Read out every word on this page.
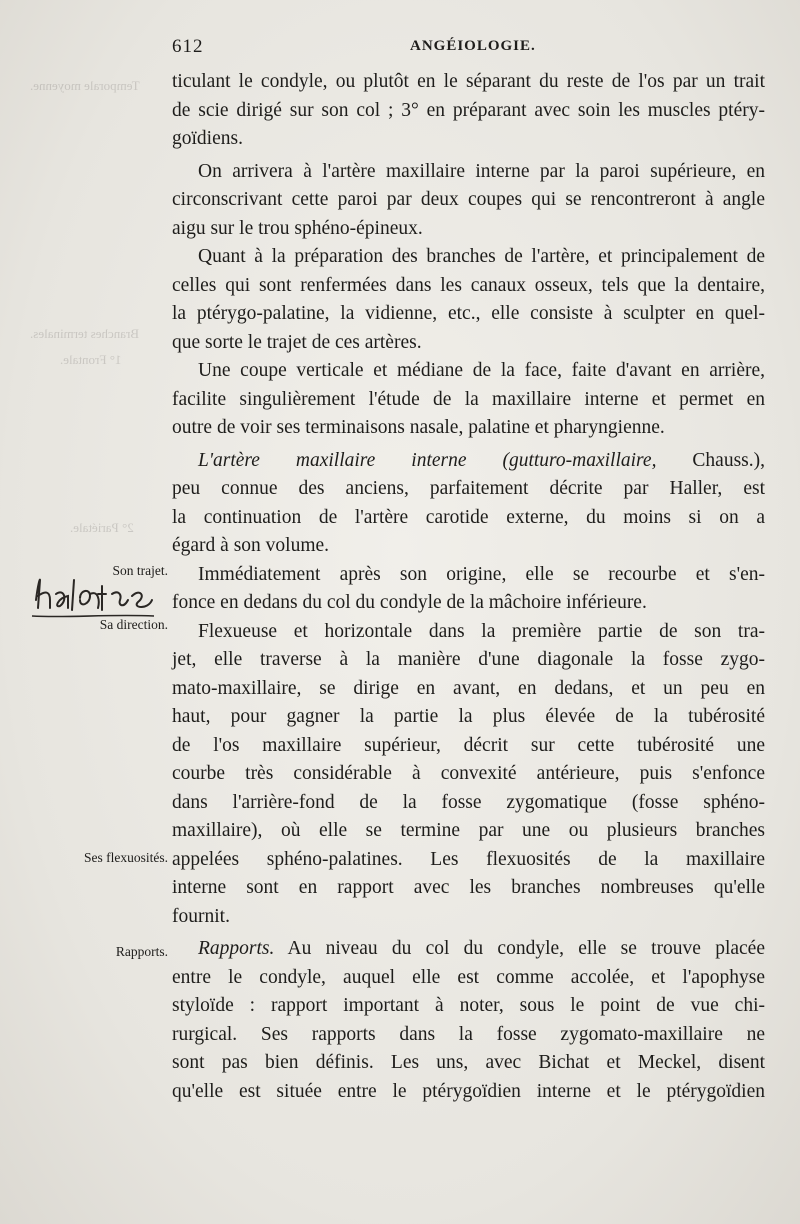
Temporale moyenne.
Branches terminales.
1° Frontale.
2° Pariétale.
612	ANGÉIOLOGIE.
Son trajet.
Sa direction.
Ses flexuosités.
Rapports.
ticulant le condyle, ou plutôt en le séparant du reste de l'os par un trait
de scie dirigé sur son col ; 3° en préparant avec soin les muscles ptéry-
goïdiens.
On arrivera à l'artère maxillaire interne par la paroi supérieure, en
circonscrivant cette paroi par deux coupes qui se rencontreront à angle
aigu sur le trou sphéno-épineux.
Quant à la préparation des branches de l'artère, et principalement de
celles qui sont renfermées dans les canaux osseux, tels que la dentaire,
la ptérygo-palatine, la vidienne, etc., elle consiste à sculpter en quel-
que sorte le trajet de ces artères.
Une coupe verticale et médiane de la face, faite d'avant en arrière,
facilite singulièrement l'étude de la maxillaire interne et permet en
outre de voir ses terminaisons nasale, palatine et pharyngienne.
L'artère maxillaire interne (gutturo-maxillaire, Chauss.),
peu connue des anciens, parfaitement décrite par Haller, est
la continuation de l'artère carotide externe, du moins si on a
égard à son volume.
Immédiatement après son origine, elle se recourbe et s'en-
fonce en dedans du col du condyle de la mâchoire inférieure.
Flexueuse et horizontale dans la première partie de son tra-
jet, elle traverse à la manière d'une diagonale la fosse zygo-
mato-maxillaire, se dirige en avant, en dedans, et un peu en
haut, pour gagner la partie la plus élevée de la tubérosité
de l'os maxillaire supérieur, décrit sur cette tubérosité une
courbe très considérable à convexité antérieure, puis s'enfonce
dans l'arrière-fond de la fosse zygomatique (fosse sphéno-
maxillaire), où elle se termine par une ou plusieurs branches
appelées sphéno-palatines. Les flexuosités de la maxillaire
interne sont en rapport avec les branches nombreuses qu'elle
fournit.
Rapports. Au niveau du col du condyle, elle se trouve placée
entre le condyle, auquel elle est comme accolée, et l'apophyse
styloïde : rapport important à noter, sous le point de vue chi-
rurgical. Ses rapports dans la fosse zygomato-maxillaire ne
sont pas bien définis. Les uns, avec Bichat et Meckel, disent
qu'elle est située entre le ptérygoïdien interne et le ptérygoïdien
